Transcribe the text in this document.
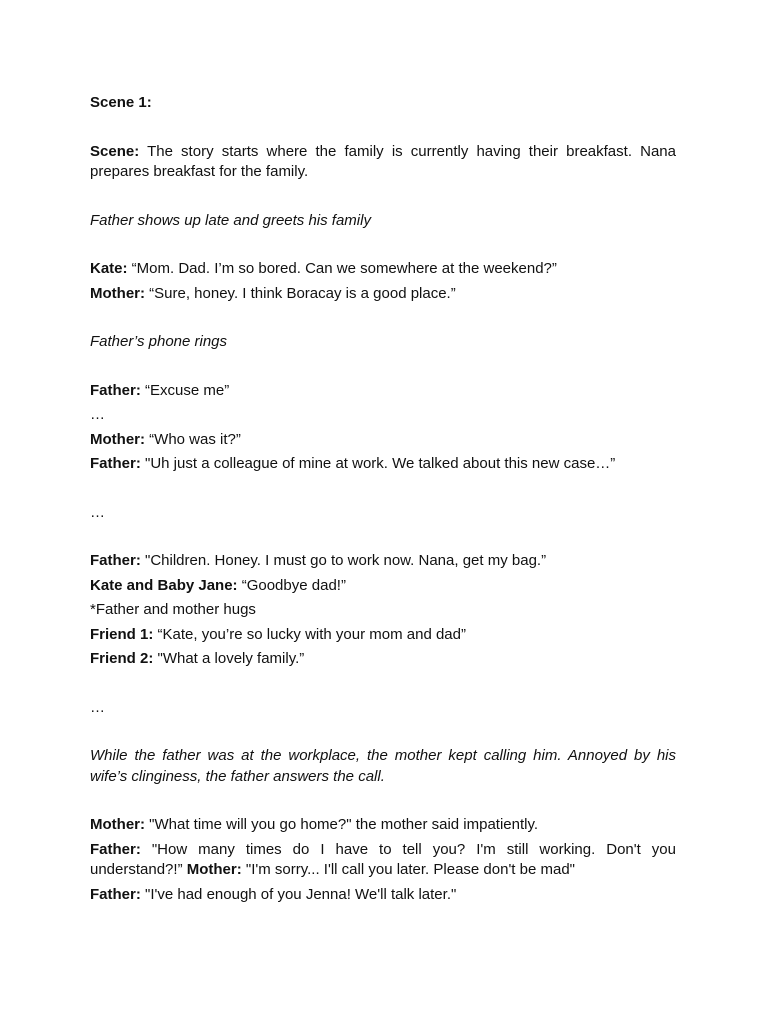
Scene 1:

Scene: The story starts where the family is currently having their breakfast. Nana prepares breakfast for the family.

Father shows up late and greets his family

Kate: “Mom. Dad. I’m so bored. Can we somewhere at the weekend?”

Mother: “Sure, honey. I think Boracay is a good place.”

Father’s phone rings

Father: “Excuse me”

…

Mother: “Who was it?”

Father: "Uh just a colleague of mine at work. We talked about this new case…”

…

Father: "Children. Honey. I must go to work now. Nana, get my bag.”

Kate and Baby Jane: “Goodbye dad!”

*Father and mother hugs

Friend 1: “Kate, you’re so lucky with your mom and dad”

Friend 2: "What a lovely family.”

…

While the father was at the workplace, the mother kept calling him. Annoyed by his wife’s clinginess, the father answers the call.

Mother: "What time will you go home?" the mother said impatiently.

Father: "How many times do I have to tell you? I'm still working. Don't you understand?!” Mother: "I'm sorry... I'll call you later. Please don't be mad"

Father: "I've had enough of you Jenna! We'll talk later."
